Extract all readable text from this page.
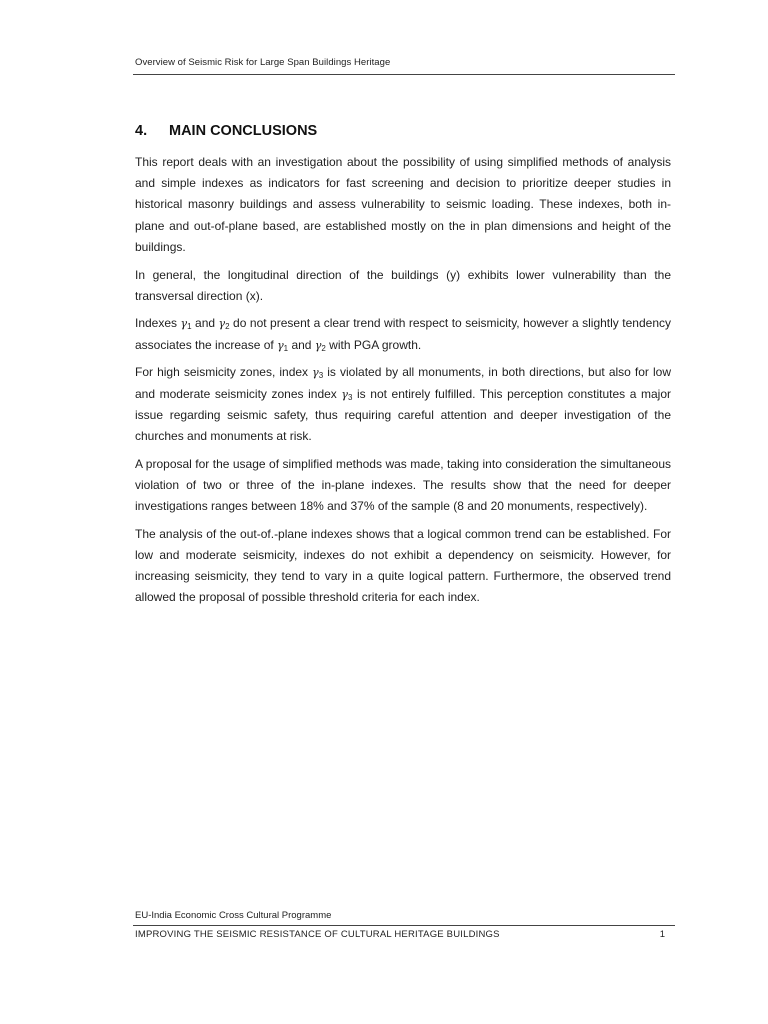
Overview of Seismic Risk for Large Span Buildings Heritage
4. MAIN CONCLUSIONS

This report deals with an investigation about the possibility of using simplified methods of analysis and simple indexes as indicators for fast screening and decision to prioritize deeper studies in historical masonry buildings and assess vulnerability to seismic loading. These indexes, both in-plane and out-of-plane based, are established mostly on the in plan dimensions and height of the buildings.

In general, the longitudinal direction of the buildings (y) exhibits lower vulnerability than the transversal direction (x).

Indexes $\gamma_1$ and $\gamma_2$ do not present a clear trend with respect to seismicity, however a slightly tendency associates the increase of $\gamma_1$ and $\gamma_2$ with PGA growth.

For high seismicity zones, index $\gamma_3$ is violated by all monuments, in both directions, but also for low and moderate seismicity zones index $\gamma_3$ is not entirely fulfilled. This perception constitutes a major issue regarding seismic safety, thus requiring careful attention and deeper investigation of the churches and monuments at risk.

A proposal for the usage of simplified methods was made, taking into consideration the simultaneous violation of two or three of the in-plane indexes. The results show that the need for deeper investigations ranges between 18% and 37% of the sample (8 and 20 monuments, respectively).

The analysis of the out-of.-plane indexes shows that a logical common trend can be established. For low and moderate seismicity, indexes do not exhibit a dependency on seismicity. However, for increasing seismicity, they tend to vary in a quite logical pattern. Furthermore, the observed trend allowed the proposal of possible threshold criteria for each index.

EU-India Economic Cross Cultural Programme
IMPROVING THE SEISMIC RESISTANCE OF CULTURAL HERITAGE BUILDINGS	1
